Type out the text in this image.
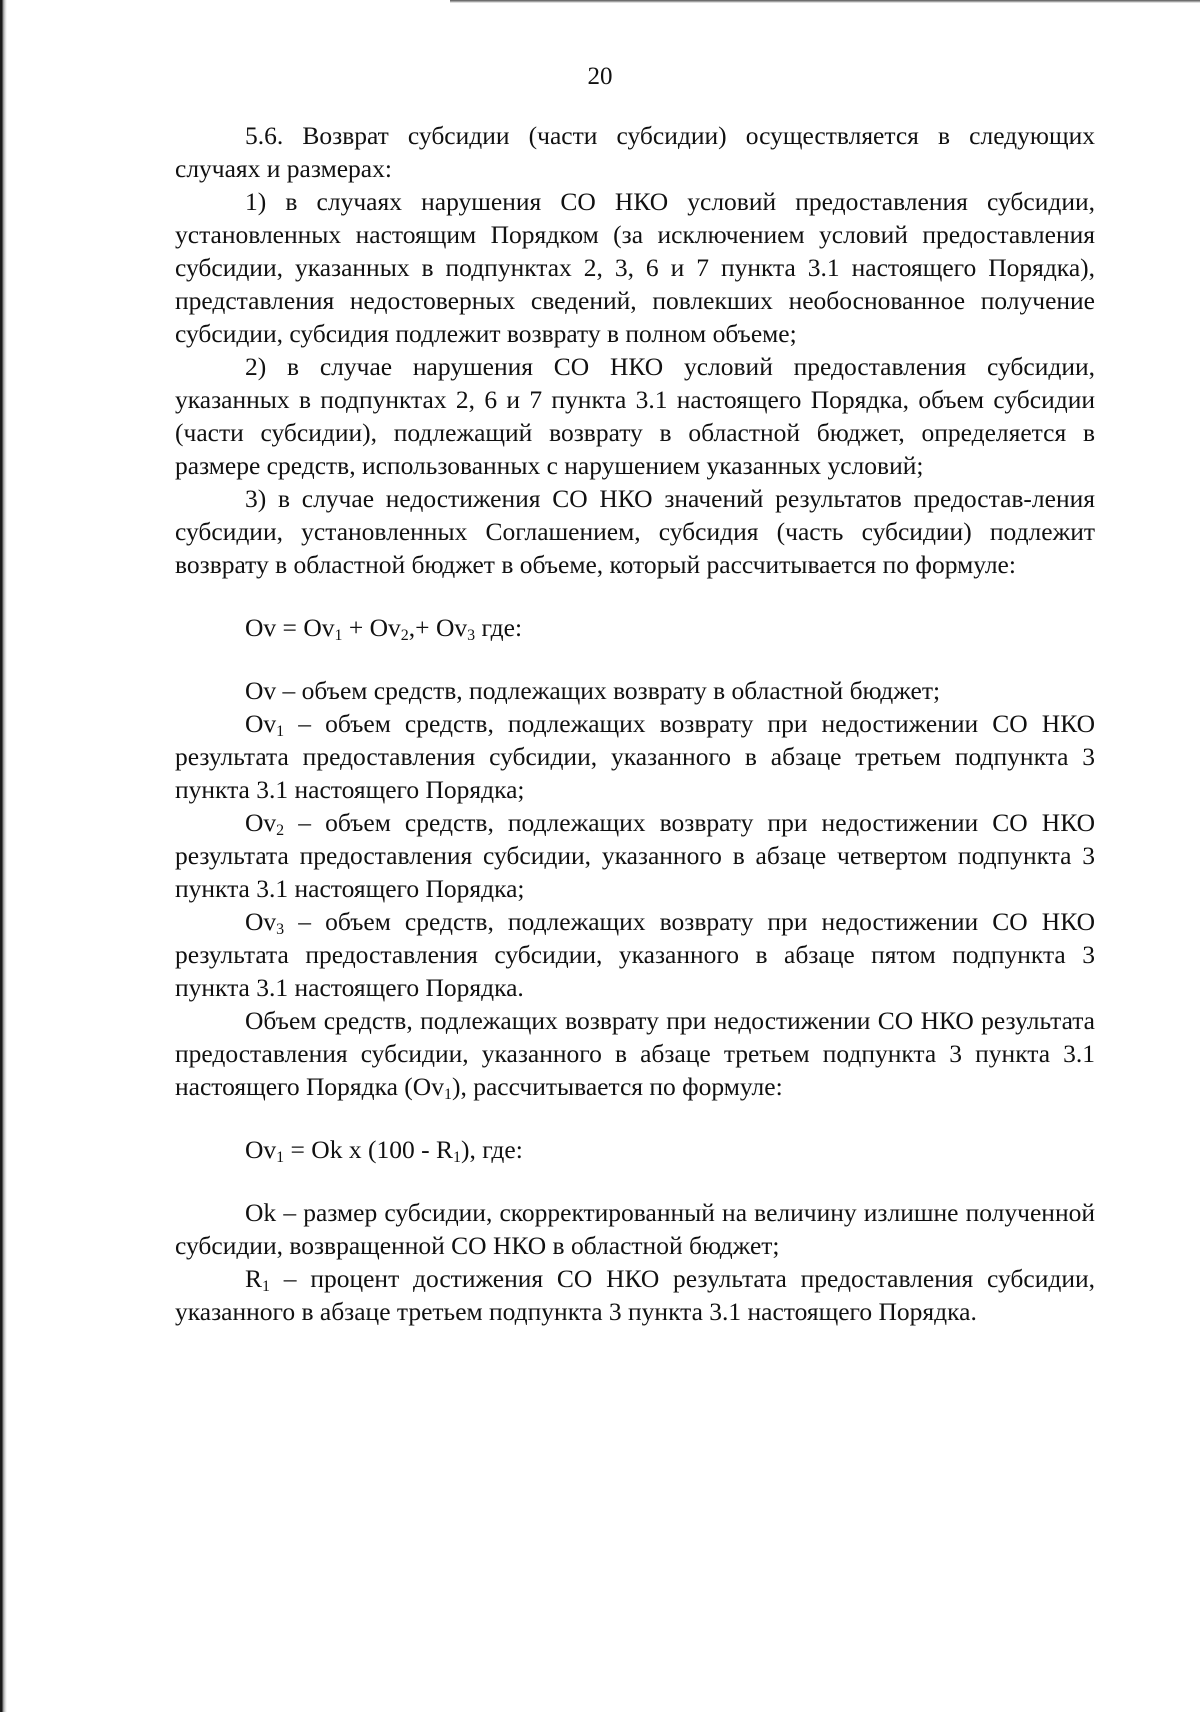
20

5.6. Возврат субсидии (части субсидии) осуществляется в следующих случаях и размерах:

1) в случаях нарушения СО НКО условий предоставления субсидии, установленных настоящим Порядком (за исключением условий предоставления субсидии, указанных в подпунктах 2, 3, 6 и 7 пункта 3.1 настоящего Порядка), представления недостоверных сведений, повлекших необоснованное получение субсидии, субсидия подлежит возврату в полном объеме;

2) в случае нарушения СО НКО условий предоставления субсидии, указанных в подпунктах 2, 6 и 7 пункта 3.1 настоящего Порядка, объем субсидии (части субсидии), подлежащий возврату в областной бюджет, определяется в размере средств, использованных с нарушением указанных условий;

3) в случае недостижения СО НКО значений результатов предостав-ления субсидии, установленных Соглашением, субсидия (часть субсидии) подлежит возврату в областной бюджет в объеме, который рассчитывается по формуле:

$Ov = Ov_1 + Ov_2,+ Ov_3$ где:

Ov – объем средств, подлежащих возврату в областной бюджет;

$Ov_1$ – объем средств, подлежащих возврату при недостижении СО НКО результата предоставления субсидии, указанного в абзаце третьем подпункта 3 пункта 3.1 настоящего Порядка;

$Ov_2$ – объем средств, подлежащих возврату при недостижении СО НКО результата предоставления субсидии, указанного в абзаце четвертом подпункта 3 пункта 3.1 настоящего Порядка;

$Ov_3$ – объем средств, подлежащих возврату при недостижении СО НКО результата предоставления субсидии, указанного в абзаце пятом подпункта 3 пункта 3.1 настоящего Порядка.

Объем средств, подлежащих возврату при недостижении СО НКО результата предоставления субсидии, указанного в абзаце третьем подпункта 3 пункта 3.1 настоящего Порядка $(Ov_1)$, рассчитывается по формуле:

$Ov_1 = Ok$ x $(100 - R_1)$, где:

Ok – размер субсидии, скорректированный на величину излишне полученной субсидии, возвращенной СО НКО в областной бюджет;

$R_1$ – процент достижения СО НКО результата предоставления субсидии, указанного в абзаце третьем подпункта 3 пункта 3.1 настоящего Порядка.
